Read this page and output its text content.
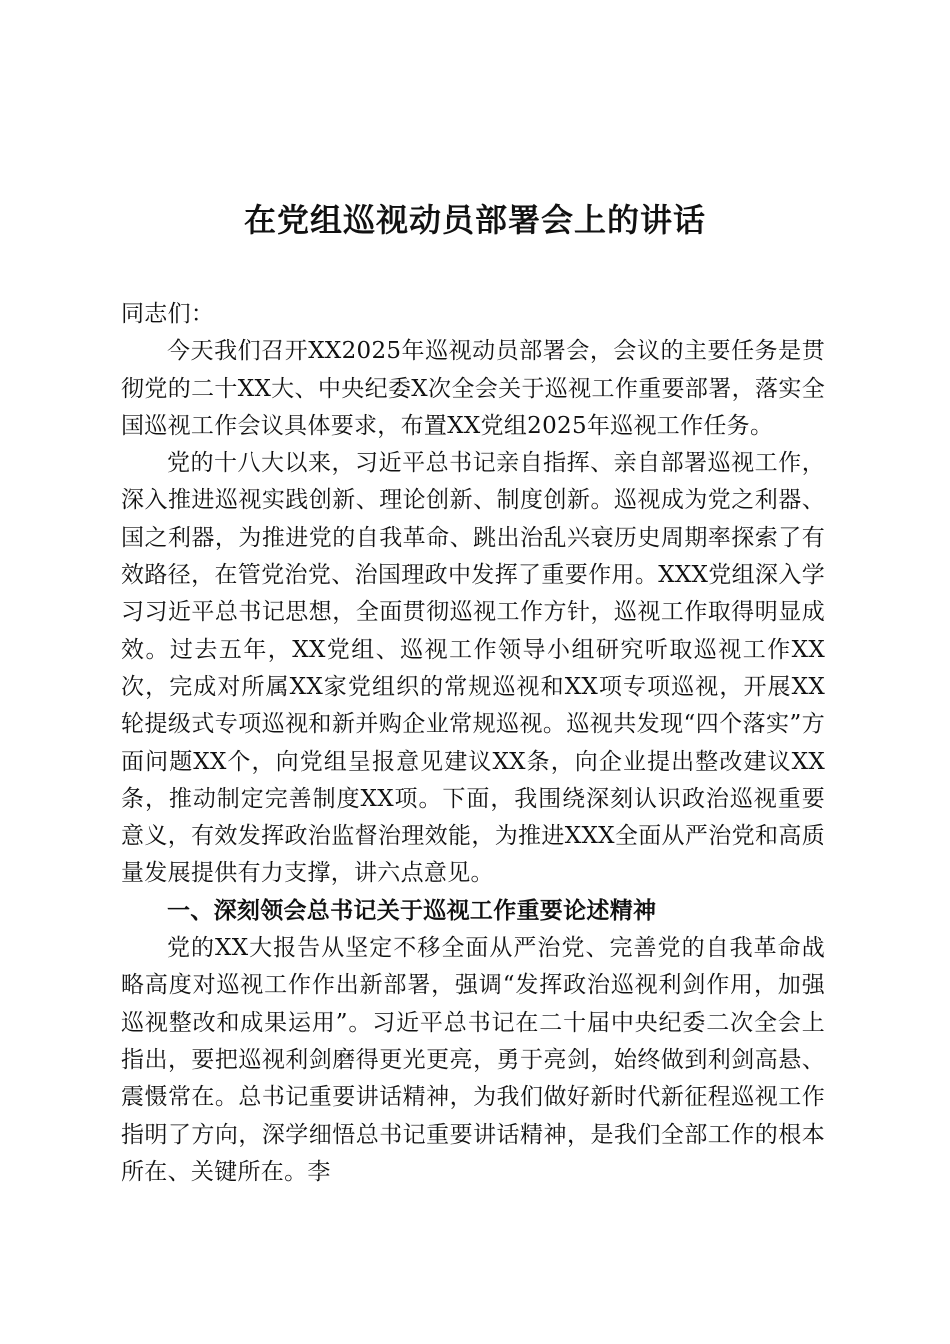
在党组巡视动员部署会上的讲话

同志们：

今天我们召开XX2025年巡视动员部署会，会议的主要任务是贯彻党的二十XX大、中央纪委X次全会关于巡视工作重要部署，落实全国巡视工作会议具体要求，布置XX党组2025年巡视工作任务。

党的十八大以来，习近平总书记亲自指挥、亲自部署巡视工作，深入推进巡视实践创新、理论创新、制度创新。巡视成为党之利器、国之利器，为推进党的自我革命、跳出治乱兴衰历史周期率探索了有效路径，在管党治党、治国理政中发挥了重要作用。XXX党组深入学习习近平总书记思想，全面贯彻巡视工作方针，巡视工作取得明显成效。过去五年，XX党组、巡视工作领导小组研究听取巡视工作XX次，完成对所属XX家党组织的常规巡视和XX项专项巡视，开展XX轮提级式专项巡视和新并购企业常规巡视。巡视共发现“四个落实”方面问题XX个，向党组呈报意见建议XX条，向企业提出整改建议XX条，推动制定完善制度XX项。下面，我围绕深刻认识政治巡视重要意义，有效发挥政治监督治理效能，为推进XXX全面从严治党和高质量发展提供有力支撑，讲六点意见。

一、深刻领会总书记关于巡视工作重要论述精神

党的XX大报告从坚定不移全面从严治党、完善党的自我革命战略高度对巡视工作作出新部署，强调“发挥政治巡视利剑作用，加强巡视整改和成果运用”。习近平总书记在二十届中央纪委二次全会上指出，要把巡视利剑磨得更光更亮，勇于亮剑，始终做到利剑高悬、震慑常在。总书记重要讲话精神，为我们做好新时代新征程巡视工作指明了方向，深学细悟总书记重要讲话精神，是我们全部工作的根本所在、关键所在。李
